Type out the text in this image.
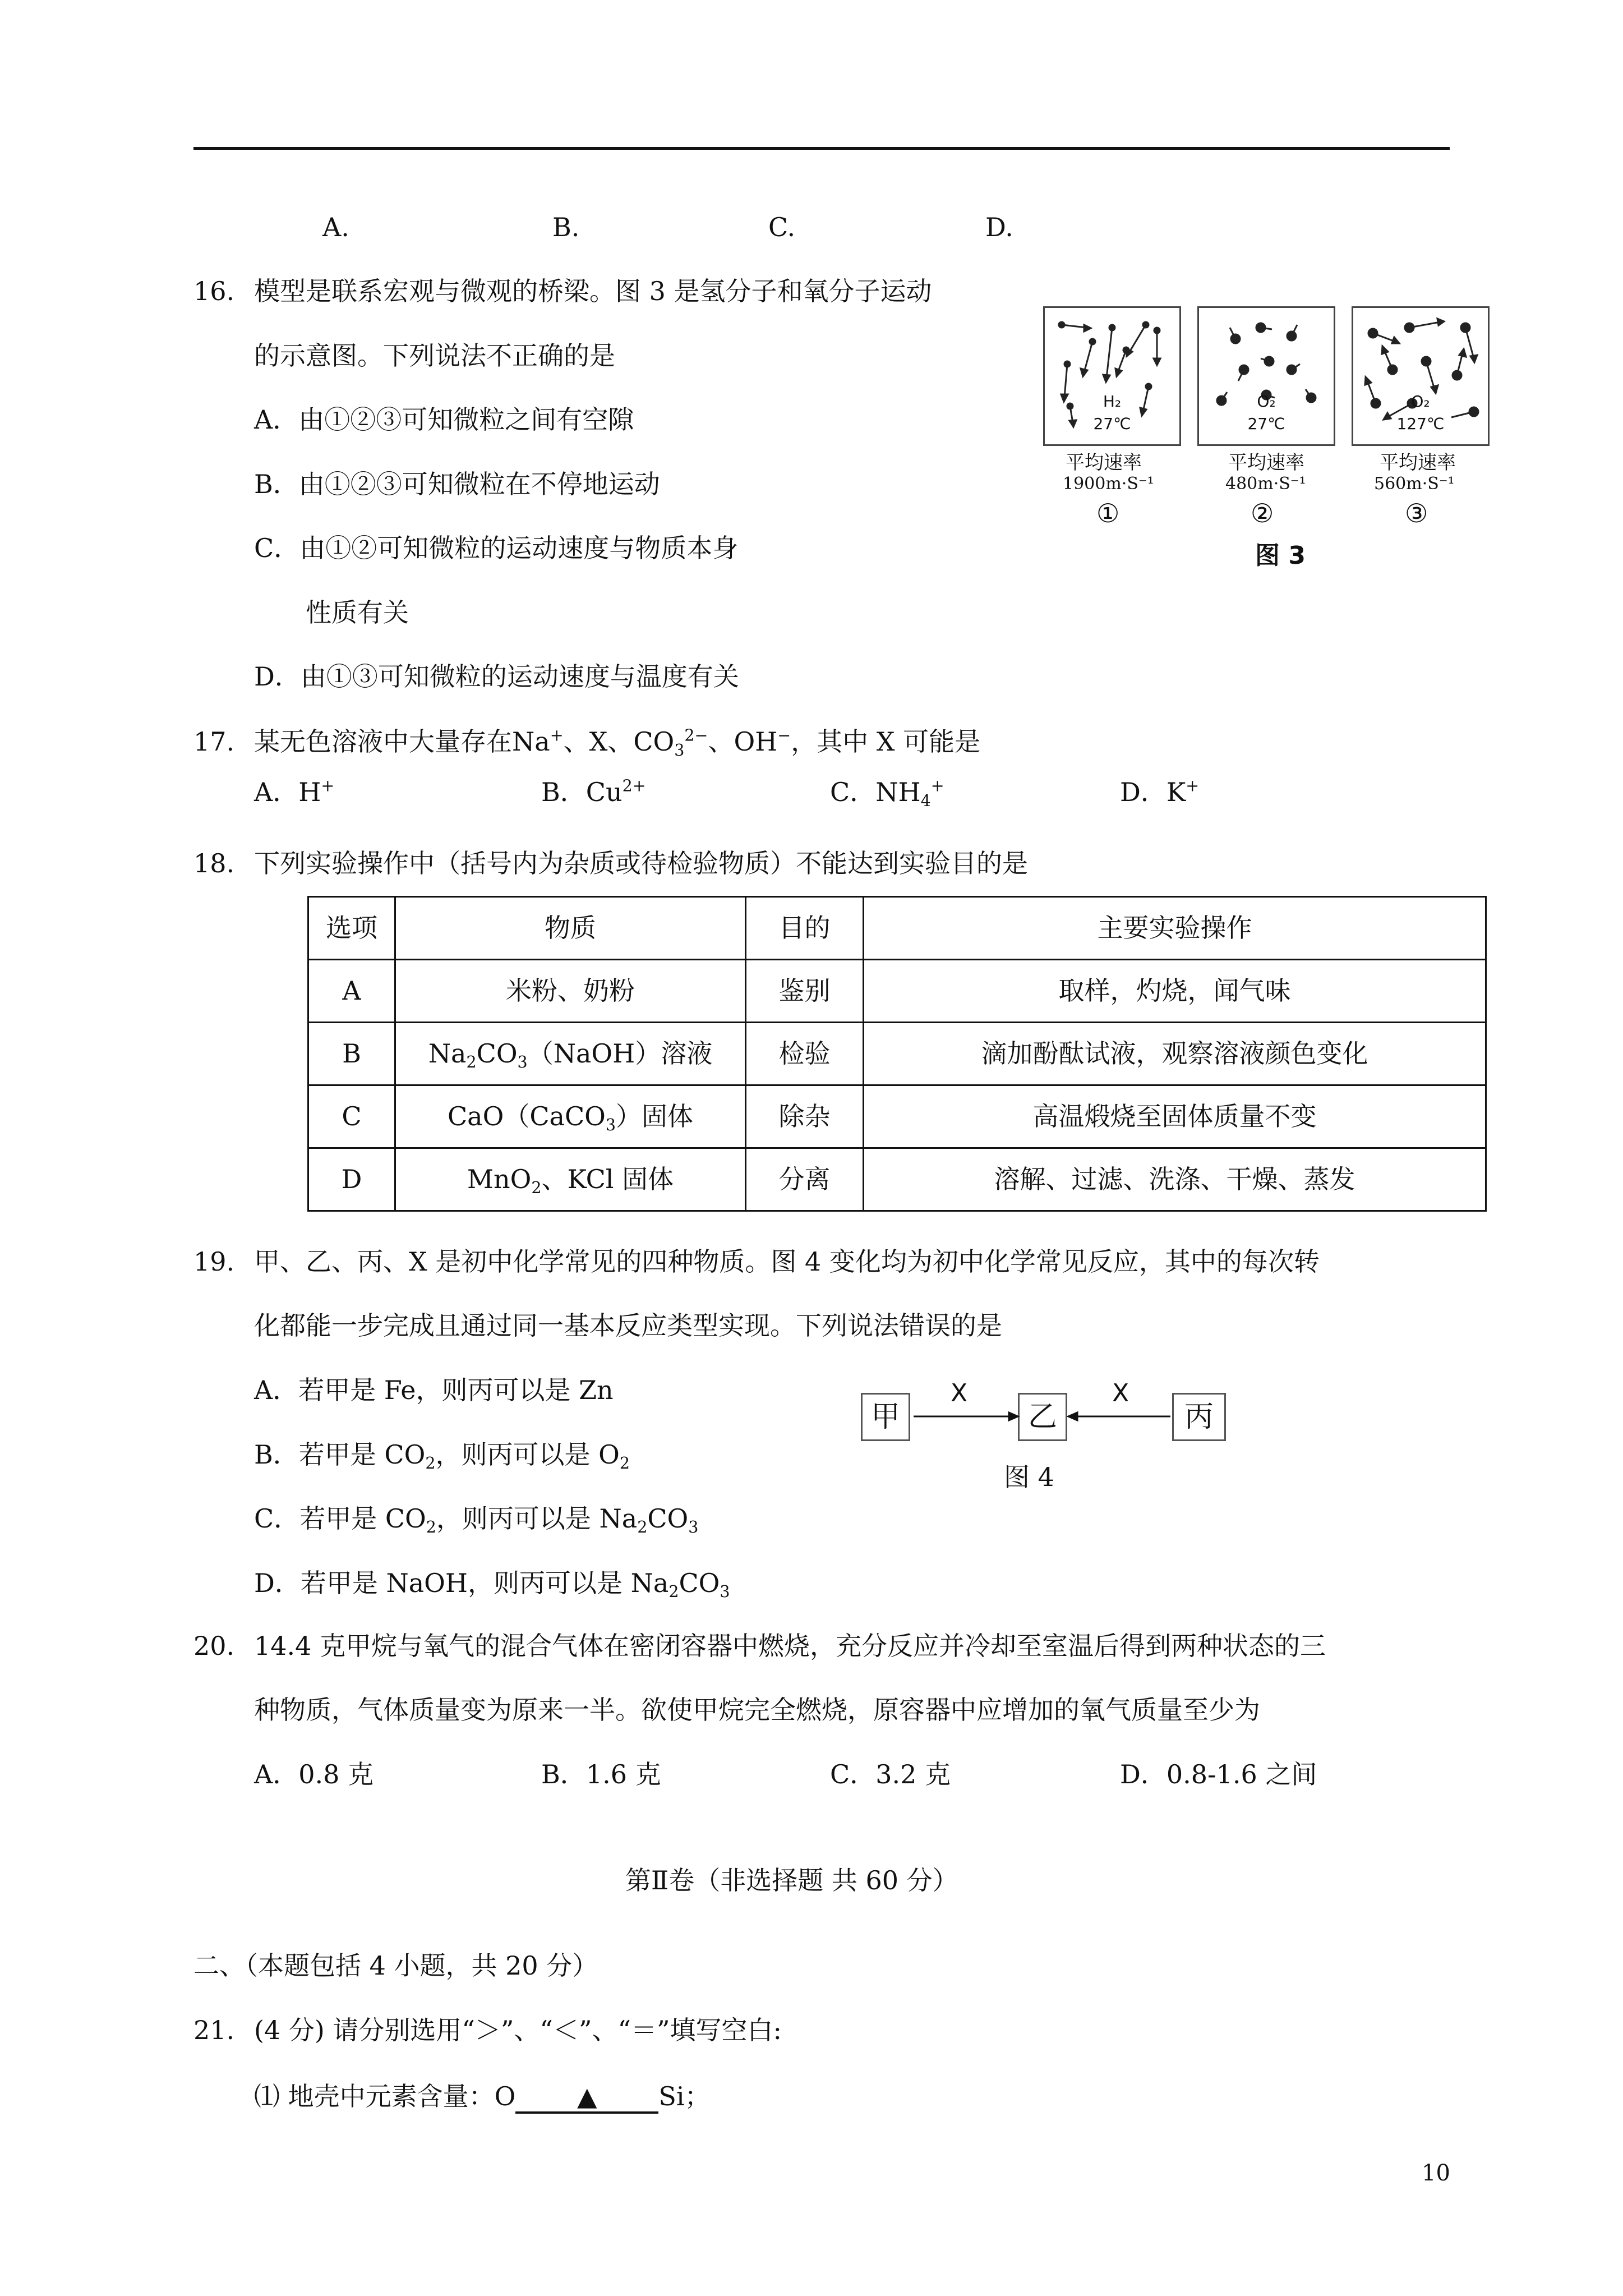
A.	B.	C.	D.
16. 模型是联系宏观与微观的桥梁。图 3 是氢分子和氧分子运动
的示意图。下列说法不正确的是
A．由①②③可知微粒之间有空隙
B．由①②③可知微粒在不停地运动
C．由①②可知微粒的运动速度与物质本身
性质有关
D．由①③可知微粒的运动速度与温度有关
H₂
27℃
O₂
27℃
O₂
127℃
平均速率
1900m·S⁻¹
①
平均速率
480m·S⁻¹
②
平均速率
560m·S⁻¹
③
图 3
17. 某无色溶液中大量存在Na+、X、$CO_3^{2-}$、OH−，其中 X 可能是
A．H+	B．$Cu^{2+}$	C．$NH_4^+$	D．K+
18. 下列实验操作中（括号内为杂质或待检验物质）不能达到实验目的是
选项	物质	目的	主要实验操作
A	米粉、奶粉	鉴别	取样，灼烧，闻气味
B	$Na_2CO_3(NaOH)$溶液	检验	滴加酚酞试液，观察溶液颜色变化
C	CaO（CaCO$_3$）固体	除杂	高温煅烧至固体质量不变
D	MnO$_2$、KCl 固体	分离	溶解、过滤、洗涤、干燥、蒸发
19. 甲、乙、丙、X 是初中化学常见的四种物质。图 4 变化均为初中化学常见反应，其中的每次转
化都能一步完成且通过同一基本反应类型实现。下列说法错误的是
A．若甲是 Fe，则丙可以是 Zn
B．若甲是 $CO_2$，则丙可以是 $O_2$
C．若甲是 $CO_2$，则丙可以是 $Na_2CO_3$
D．若甲是 NaOH，则丙可以是 $Na_2CO_3$
甲	乙	丙
X	X
图 4
20. 14.4 克甲烷与氧气的混合气体在密闭容器中燃烧，充分反应并冷却至室温后得到两种状态的三
种物质，气体质量变为原来一半。欲使甲烷完全燃烧，原容器中应增加的氧气质量至少为
A．0.8 克	B．1.6 克	C．3.2 克	D．0.8-1.6 之间
第Ⅱ卷（非选择题 共 60 分）
二、（本题包括 4 小题，共 20 分）
21. (4 分) 请分别选用“＞”、“＜”、“＝”填写空白:
⑴ 地壳中元素含量：O ▲ Si；
10
